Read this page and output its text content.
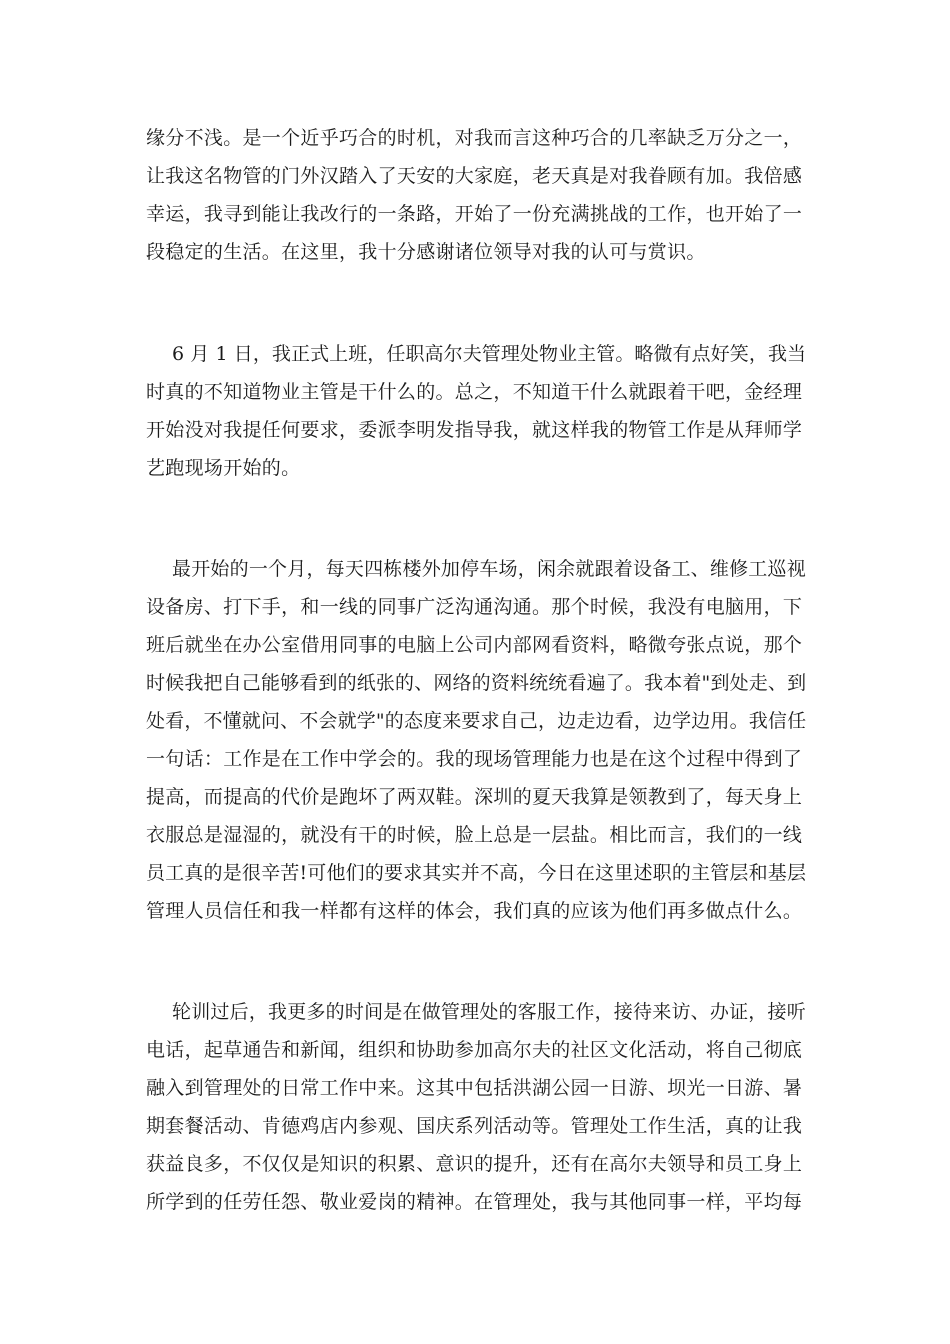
缘分不浅。是一个近乎巧合的时机，对我而言这种巧合的几率缺乏万分之一，
让我这名物管的门外汉踏入了天安的大家庭，老天真是对我眷顾有加。我倍感
幸运，我寻到能让我改行的一条路，开始了一份充满挑战的工作，也开始了一
段稳定的生活。在这里，我十分感谢诸位领导对我的认可与赏识。
6 月 1 日，我正式上班，任职高尔夫管理处物业主管。略微有点好笑，我当
时真的不知道物业主管是干什么的。总之，不知道干什么就跟着干吧，金经理
开始没对我提任何要求，委派李明发指导我，就这样我的物管工作是从拜师学
艺跑现场开始的。
最开始的一个月，每天四栋楼外加停车场，闲余就跟着设备工、维修工巡视
设备房、打下手，和一线的同事广泛沟通沟通。那个时候，我没有电脑用，下
班后就坐在办公室借用同事的电脑上公司内部网看资料，略微夸张点说，那个
时候我把自己能够看到的纸张的、网络的资料统统看遍了。我本着"到处走、到
处看，不懂就问、不会就学"的态度来要求自己，边走边看，边学边用。我信任
一句话：工作是在工作中学会的。我的现场管理能力也是在这个过程中得到了
提高，而提高的代价是跑坏了两双鞋。深圳的夏天我算是领教到了，每天身上
衣服总是湿湿的，就没有干的时候，脸上总是一层盐。相比而言，我们的一线
员工真的是很辛苦!可他们的要求其实并不高，今日在这里述职的主管层和基层
管理人员信任和我一样都有这样的体会，我们真的应该为他们再多做点什么。
轮训过后，我更多的时间是在做管理处的客服工作，接待来访、办证，接听
电话，起草通告和新闻，组织和协助参加高尔夫的社区文化活动，将自己彻底
融入到管理处的日常工作中来。这其中包括洪湖公园一日游、坝光一日游、暑
期套餐活动、肯德鸡店内参观、国庆系列活动等。管理处工作生活，真的让我
获益良多，不仅仅是知识的积累、意识的提升，还有在高尔夫领导和员工身上
所学到的任劳任怨、敬业爱岗的精神。在管理处，我与其他同事一样，平均每
